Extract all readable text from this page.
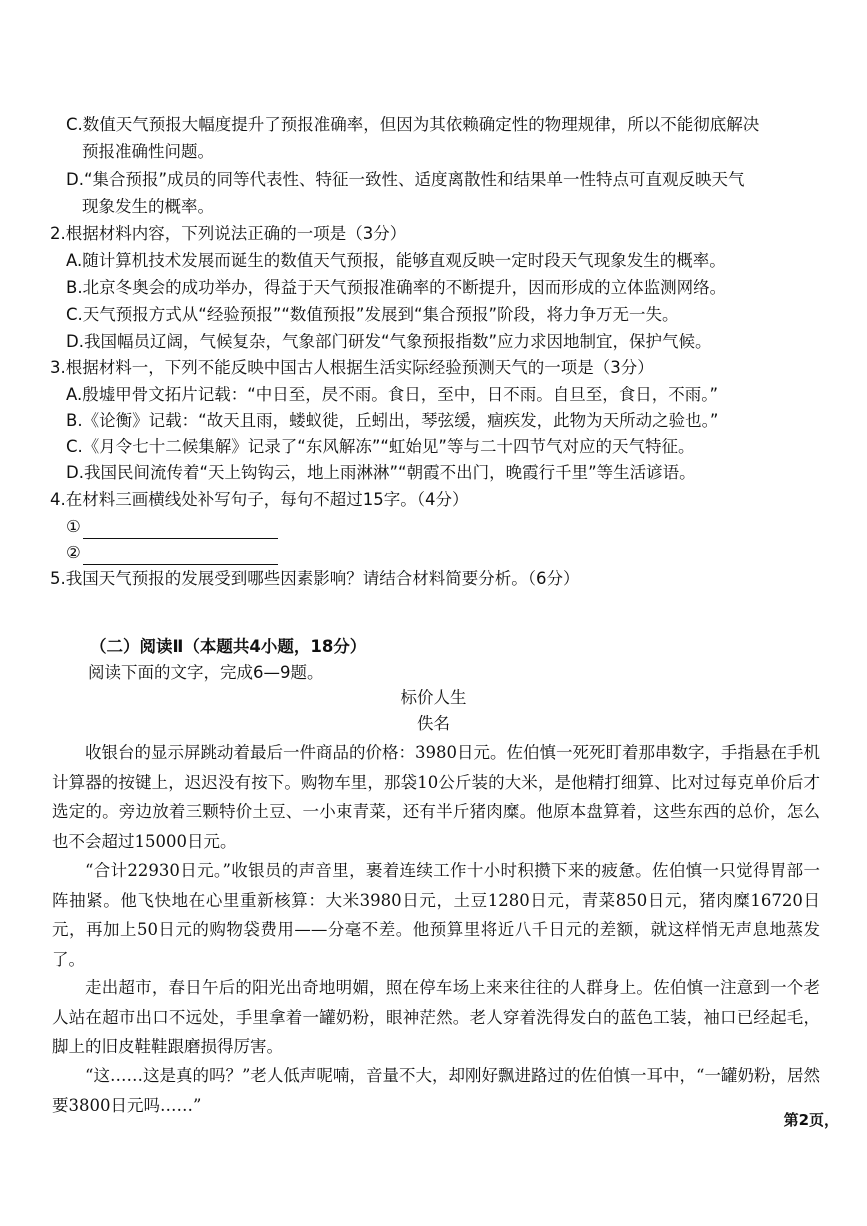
C.数值天气预报大幅度提升了预报准确率，但因为其依赖确定性的物理规律，所以不能彻底解决
预报准确性问题。
D.“集合预报”成员的同等代表性、特征一致性、适度离散性和结果单一性特点可直观反映天气
现象发生的概率。
2.根据材料内容，下列说法正确的一项是（3分）
A.随计算机技术发展而诞生的数值天气预报，能够直观反映一定时段天气现象发生的概率。
B.北京冬奥会的成功举办，得益于天气预报准确率的不断提升，因而形成的立体监测网络。
C.天气预报方式从“经验预报”“数值预报”发展到“集合预报”阶段，将力争万无一失。
D.我国幅员辽阔，气候复杂，气象部门研发“气象预报指数”应力求因地制宜，保护气候。
3.根据材料一，下列不能反映中国古人根据生活实际经验预测天气的一项是（3分）
A.殷墟甲骨文拓片记载：“中日至，昃不雨。食日，至中，日不雨。自旦至，食日，不雨。”
B.《论衡》记载：“故天且雨，蝼蚁徙，丘蚓出，琴弦缓，痼疾发，此物为天所动之验也。”
C.《月令七十二候集解》记录了“东风解冻”“虹始见”等与二十四节气对应的天气特征。
D.我国民间流传着“天上钩钩云，地上雨淋淋”“朝霞不出门，晚霞行千里”等生活谚语。
4.在材料三画横线处补写句子，每句不超过15字。（4分）
①
②
5.我国天气预报的发展受到哪些因素影响？请结合材料简要分析。（6分）
（二）阅读Ⅱ（本题共4小题，18分）
阅读下面的文字，完成6—9题。
标价人生
佚名
收银台的显示屏跳动着最后一件商品的价格：3980日元。佐伯慎一死死盯着那串数字，手指悬在手机计算器的按键上，迟迟没有按下。购物车里，那袋10公斤装的大米，是他精打细算、比对过每克单价后才选定的。旁边放着三颗特价土豆、一小束青菜，还有半斤猪肉糜。他原本盘算着，这些东西的总价，怎么也不会超过15000日元。
“合计22930日元。”收银员的声音里，裹着连续工作十小时积攒下来的疲惫。佐伯慎一只觉得胃部一阵抽紧。他飞快地在心里重新核算：大米3980日元，土豆1280日元，青菜850日元，猪肉糜16720日元，再加上50日元的购物袋费用——分毫不差。他预算里将近八千日元的差额，就这样悄无声息地蒸发了。
走出超市，春日午后的阳光出奇地明媚，照在停车场上来来往往的人群身上。佐伯慎一注意到一个老人站在超市出口不远处，手里拿着一罐奶粉，眼神茫然。老人穿着洗得发白的蓝色工装，袖口已经起毛，脚上的旧皮鞋鞋跟磨损得厉害。
“这……这是真的吗？”老人低声呢喃，音量不大，却刚好飘进路过的佐伯慎一耳中，“一罐奶粉，居然要3800日元吗……”
第2页，
